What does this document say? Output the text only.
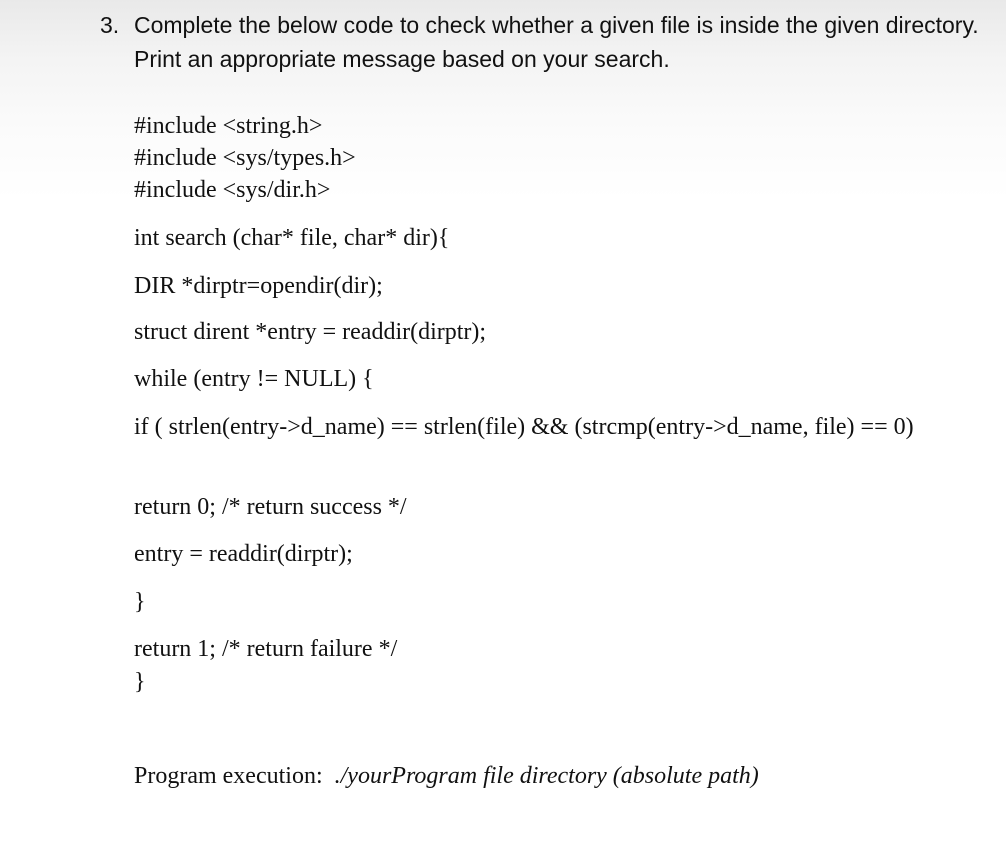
3. Complete the below code to check whether a given file is inside the given directory. Print an appropriate message based on your search.
#include <string.h>
#include <sys/types.h>
#include <sys/dir.h>
int search (char* file, char* dir){
DIR *dirptr=opendir(dir);
struct dirent *entry = readdir(dirptr);
while (entry != NULL) {
if ( strlen(entry->d_name) == strlen(file) && (strcmp(entry->d_name, file) == 0)
return 0; /* return success */
entry = readdir(dirptr);
}
return 1; /* return failure */
}
Program execution:  ./yourProgram file directory (absolute path)
